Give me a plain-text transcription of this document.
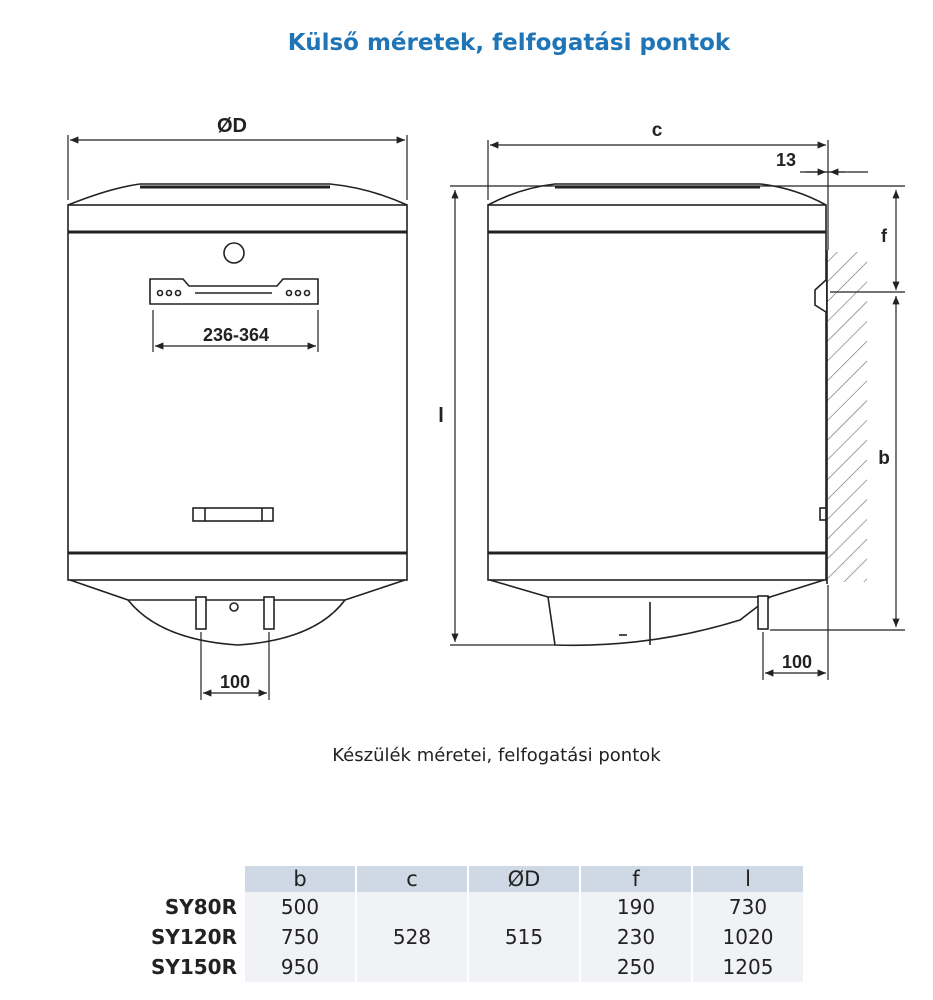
Külső méretek, felfogatási pontok
ØD
236-364
100
c
13
f
l
b
100
Készülék méretei, felfogatási pontok
	b	c	ØD	f	l
SY80R	500	528	515	190	730
SY120R	750			230	1020
SY150R	950			250	1205
